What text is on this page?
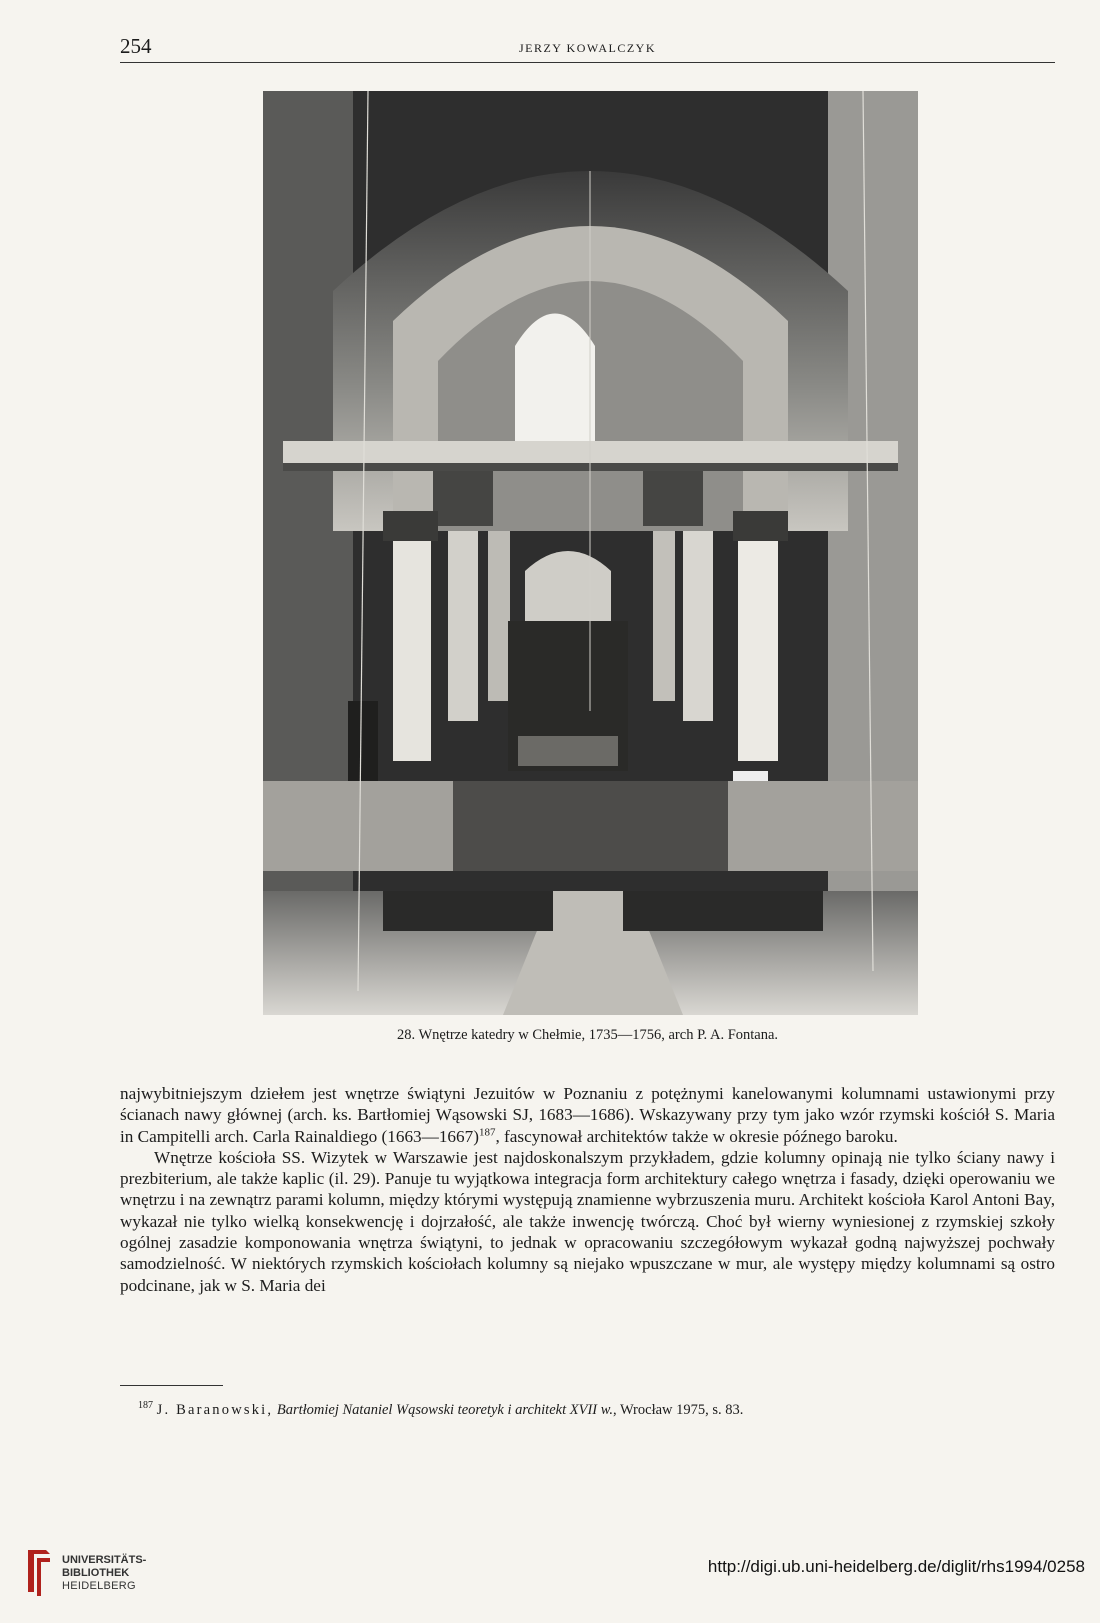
254	JERZY KOWALCZYK
28. Wnętrze katedry w Chełmie, 1735—1756, arch P. A. Fontana.

najwybitniejszym dziełem jest wnętrze świątyni Jezuitów w Poznaniu z potężnymi kanelowanymi kolumnami ustawionymi przy ścianach nawy głównej (arch. ks. Bartłomiej Wąsowski SJ, 1683—1686). Wskazywany przy tym jako wzór rzymski kościół S. Maria in Campitelli arch. Carla Rainaldiego (1663—1667)$^{187}$, fascynował architektów także w okresie późnego baroku.

Wnętrze kościoła SS. Wizytek w Warszawie jest najdoskonalszym przykładem, gdzie kolumny opinają nie tylko ściany nawy i prezbiterium, ale także kaplic (il. 29). Panuje tu wyjątkowa integracja form architektury całego wnętrza i fasady, dzięki operowaniu we wnętrzu i na zewnątrz parami kolumn, między którymi występują znamienne wybrzuszenia muru. Architekt kościoła Karol Antoni Bay, wykazał nie tylko wielką konsekwencję i dojrzałość, ale także inwencję twórczą. Choć był wierny wyniesionej z rzymskiej szkoły ogólnej zasadzie komponowania wnętrza świątyni, to jednak w opracowaniu szczegółowym wykazał godną najwyższej pochwały samodzielność. W niektórych rzymskich kościołach kolumny są niejako wpuszczane w mur, ale występy między kolumnami są ostro podcinane, jak w S. Maria dei

$^{187}$ J. Baranowski, Bartłomiej Nataniel Wąsowski teoretyk i architekt XVII w., Wrocław 1975, s. 83.

UNIVERSITÄTS-
BIBLIOTHEK
HEIDELBERG
http://digi.ub.uni-heidelberg.de/diglit/rhs1994/0258
